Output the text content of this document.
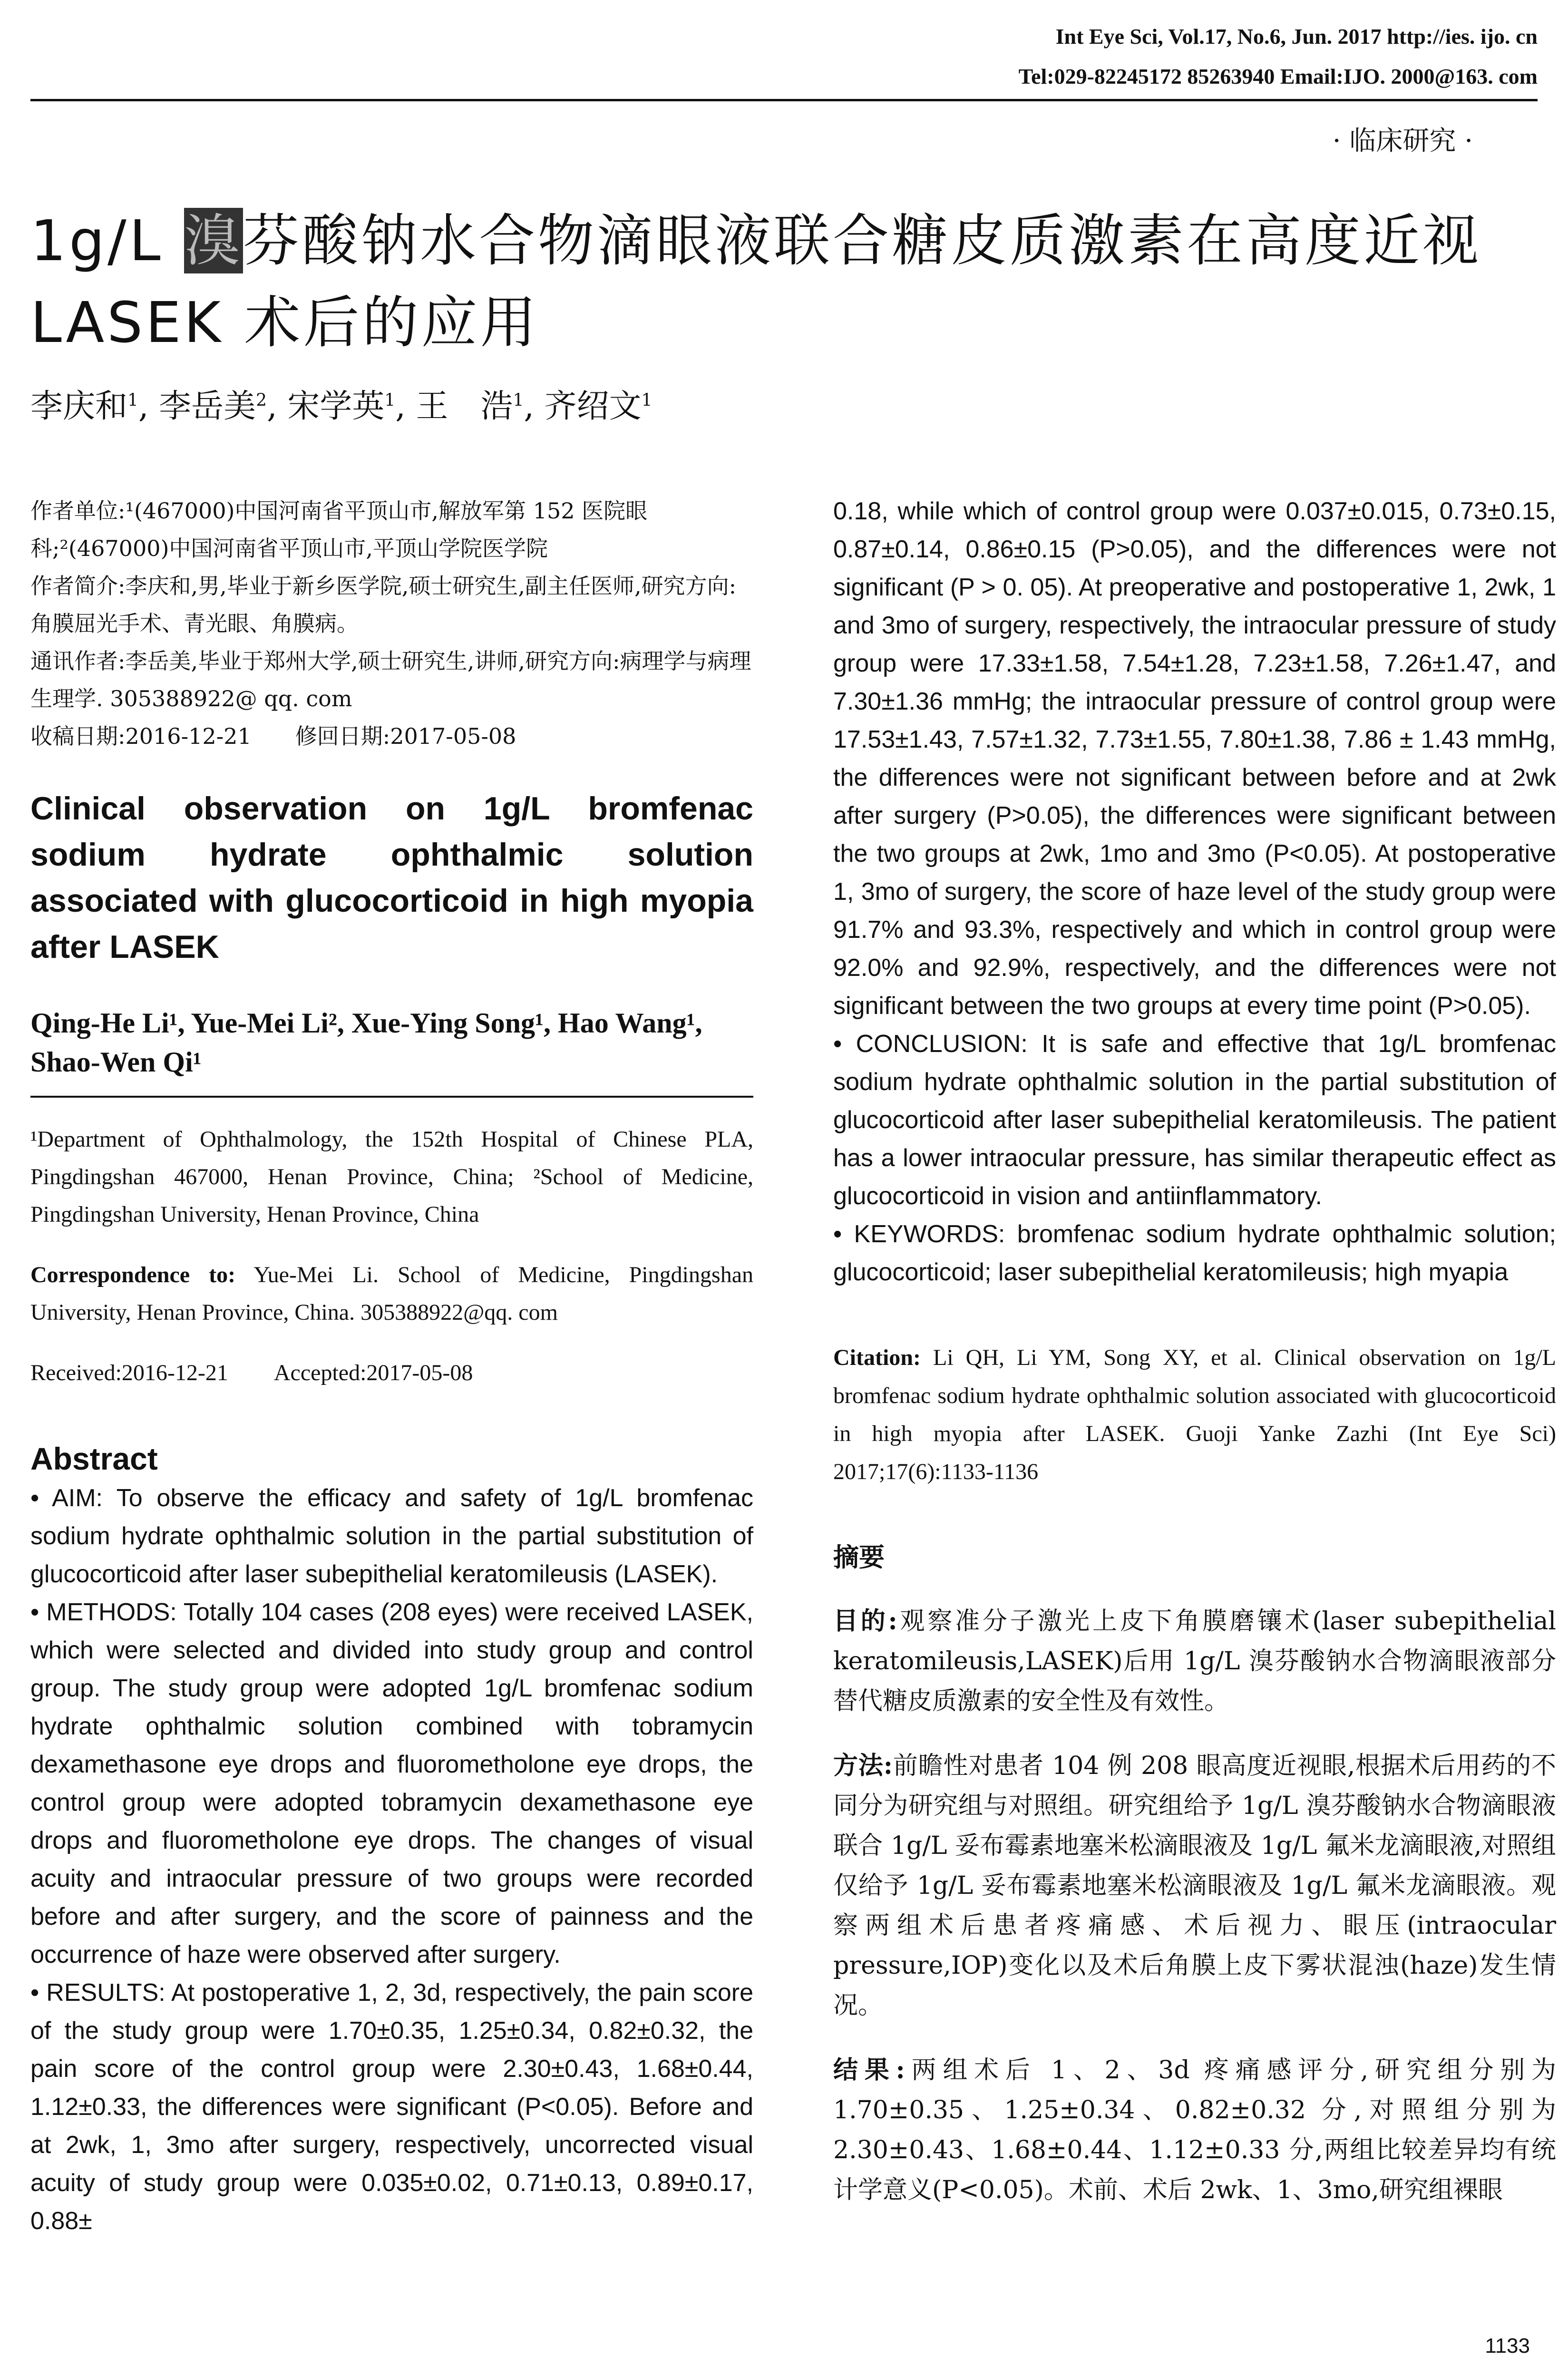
Int Eye Sci, Vol.17, No.6, Jun. 2017 http://ies. ijo. cn
Tel:029-82245172 85263940 Email:IJO. 2000@163. com
· 临床研究 ·
1g/L 溴芬酸钠水合物滴眼液联合糖皮质激素在高度近视 LASEK 术后的应用
李庆和$^1$, 李岳美$^2$, 宋学英$^1$, 王　浩$^1$, 齐绍文$^1$

作者单位:¹(467000)中国河南省平顶山市,解放军第 152 医院眼科;²(467000)中国河南省平顶山市,平顶山学院医学院

作者简介:李庆和,男,毕业于新乡医学院,硕士研究生,副主任医师,研究方向:角膜屈光手术、青光眼、角膜病。

通讯作者:李岳美,毕业于郑州大学,硕士研究生,讲师,研究方向:病理学与病理生理学. 305388922@ qq. com

收稿日期:2016-12-21　　修回日期:2017-05-08

Clinical observation on 1g/L bromfenac sodium hydrate ophthalmic solution associated with glucocorticoid in high myopia after LASEK
Qing-He Li¹, Yue-Mei Li², Xue-Ying Song¹, Hao Wang¹, Shao-Wen Qi¹

¹Department of Ophthalmology, the 152th Hospital of Chinese PLA, Pingdingshan 467000, Henan Province, China; ²School of Medicine, Pingdingshan University, Henan Province, China

Correspondence to: Yue-Mei Li. School of Medicine, Pingdingshan University, Henan Province, China. 305388922@qq. com

Received:2016-12-21　　Accepted:2017-05-08

Abstract

• AIM: To observe the efficacy and safety of 1g/L bromfenac sodium hydrate ophthalmic solution in the partial substitution of glucocorticoid after laser subepithelial keratomileusis (LASEK).

• METHODS: Totally 104 cases (208 eyes) were received LASEK, which were selected and divided into study group and control group. The study group were adopted 1g/L bromfenac sodium hydrate ophthalmic solution combined with tobramycin dexamethasone eye drops and fluorometholone eye drops, the control group were adopted tobramycin dexamethasone eye drops and fluorometholone eye drops. The changes of visual acuity and intraocular pressure of two groups were recorded before and after surgery, and the score of painness and the occurrence of haze were observed after surgery.

• RESULTS: At postoperative 1, 2, 3d, respectively, the pain score of the study group were 1.70±0.35, 1.25±0.34, 0.82±0.32, the pain score of the control group were 2.30±0.43, 1.68±0.44, 1.12±0.33, the differences were significant (P<0.05). Before and at 2wk, 1, 3mo after surgery, respectively, uncorrected visual acuity of study group were 0.035±0.02, 0.71±0.13, 0.89±0.17, 0.88±

0.18, while which of control group were 0.037±0.015, 0.73±0.15, 0.87±0.14, 0.86±0.15 (P>0.05), and the differences were not significant (P > 0. 05). At preoperative and postoperative 1, 2wk, 1 and 3mo of surgery, respectively, the intraocular pressure of study group were 17.33±1.58, 7.54±1.28, 7.23±1.58, 7.26±1.47, and 7.30±1.36 mmHg; the intraocular pressure of control group were 17.53±1.43, 7.57±1.32, 7.73±1.55, 7.80±1.38, 7.86 ± 1.43 mmHg, the differences were not significant between before and at 2wk after surgery (P>0.05), the differences were significant between the two groups at 2wk, 1mo and 3mo (P<0.05). At postoperative 1, 3mo of surgery, the score of haze level of the study group were 91.7% and 93.3%, respectively and which in control group were 92.0% and 92.9%, respectively, and the differences were not significant between the two groups at every time point (P>0.05).

• CONCLUSION: It is safe and effective that 1g/L bromfenac sodium hydrate ophthalmic solution in the partial substitution of glucocorticoid after laser subepithelial keratomileusis. The patient has a lower intraocular pressure, has similar therapeutic effect as glucocorticoid in vision and antiinflammatory.

• KEYWORDS: bromfenac sodium hydrate ophthalmic solution; glucocorticoid; laser subepithelial keratomileusis; high myapia

Citation: Li QH, Li YM, Song XY, et al. Clinical observation on 1g/L bromfenac sodium hydrate ophthalmic solution associated with glucocorticoid in high myopia after LASEK. Guoji Yanke Zazhi (Int Eye Sci) 2017;17(6):1133-1136
摘要

目的:观察准分子激光上皮下角膜磨镶术(laser subepithelial keratomileusis,LASEK)后用 1g/L 溴芬酸钠水合物滴眼液部分替代糖皮质激素的安全性及有效性。

方法:前瞻性对患者 104 例 208 眼高度近视眼,根据术后用药的不同分为研究组与对照组。研究组给予 1g/L 溴芬酸钠水合物滴眼液联合 1g/L 妥布霉素地塞米松滴眼液及 1g/L 氟米龙滴眼液,对照组仅给予 1g/L 妥布霉素地塞米松滴眼液及 1g/L 氟米龙滴眼液。观察两组术后患者疼痛感、术后视力、眼压(intraocular pressure,IOP)变化以及术后角膜上皮下雾状混浊(haze)发生情况。

结果:两组术后 1、2、3d 疼痛感评分,研究组分别为 1.70±0.35、1.25±0.34、0.82±0.32 分,对照组分别为 2.30±0.43、1.68±0.44、1.12±0.33 分,两组比较差异均有统计学意义(P<0.05)。术前、术后 2wk、1、3mo,研究组裸眼

1133
